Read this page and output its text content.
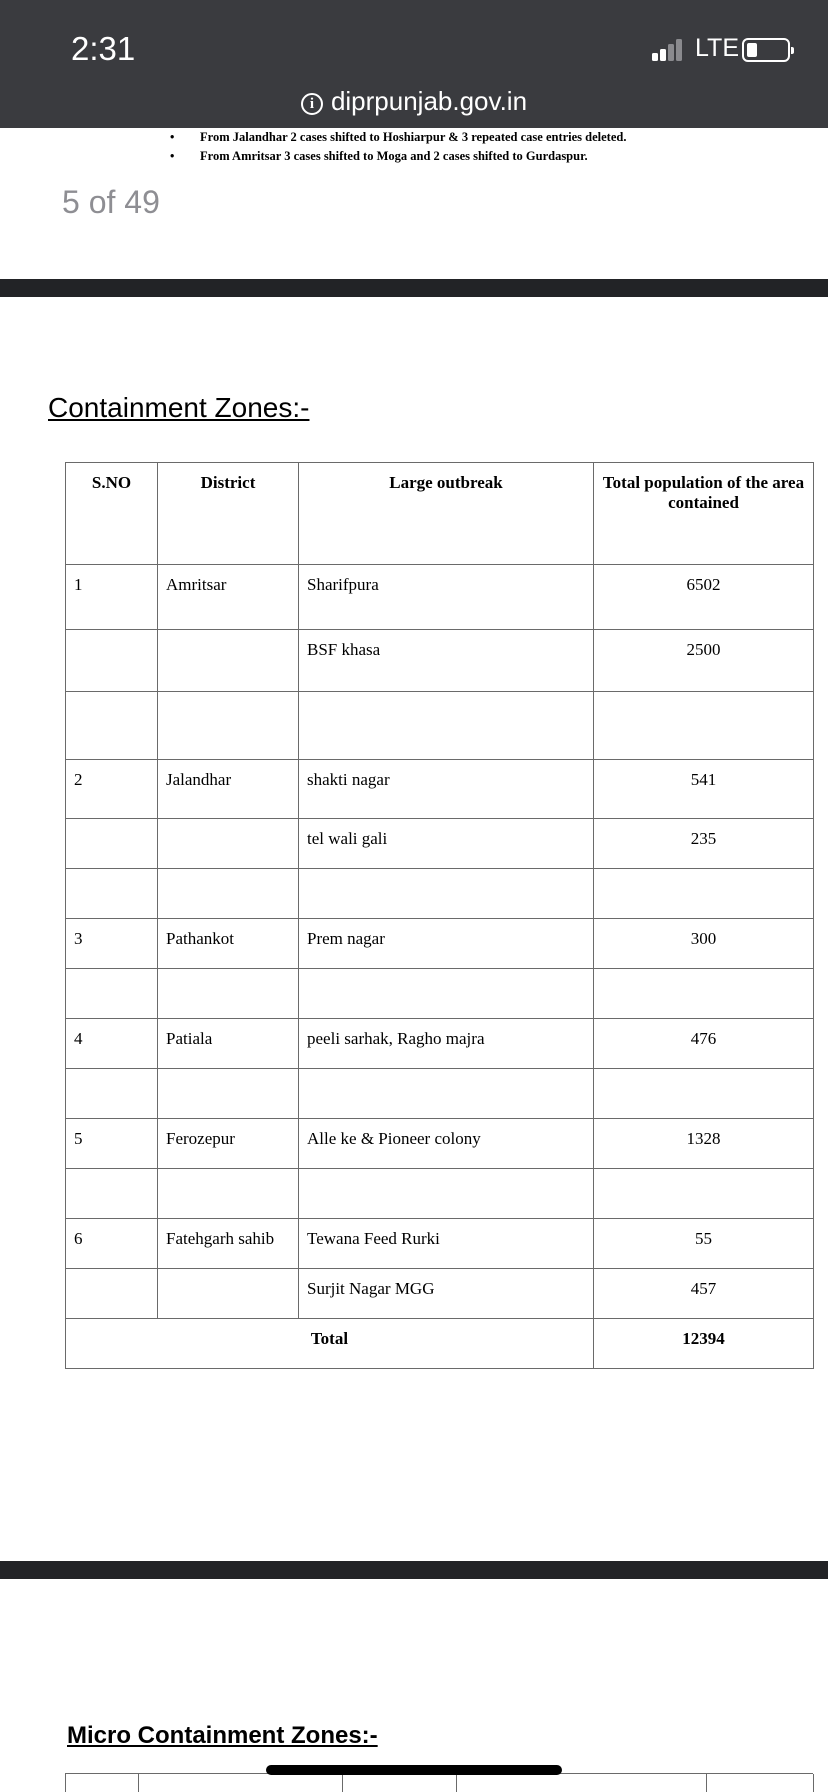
2:31	LTE
i diprpunjab.gov.in
• From Jalandhar 2 cases shifted to Hoshiarpur & 3 repeated case entries deleted.
• From Amritsar 3 cases shifted to Moga and 2 cases shifted to Gurdaspur.
5 of 49
Containment Zones:-
S.NO	District	Large outbreak	Total population of the area contained
1	Amritsar	Sharifpura	6502
		BSF khasa	2500

2	Jalandhar	shakti nagar	541
		tel wali gali	235

3	Pathankot	Prem nagar	300

4	Patiala	peeli sarhak, Ragho majra	476

5	Ferozepur	Alle ke & Pioneer colony	1328

6	Fatehgarh sahib	Tewana Feed Rurki	55
		Surjit Nagar MGG	457
Total			12394
Micro Containment Zones:-
